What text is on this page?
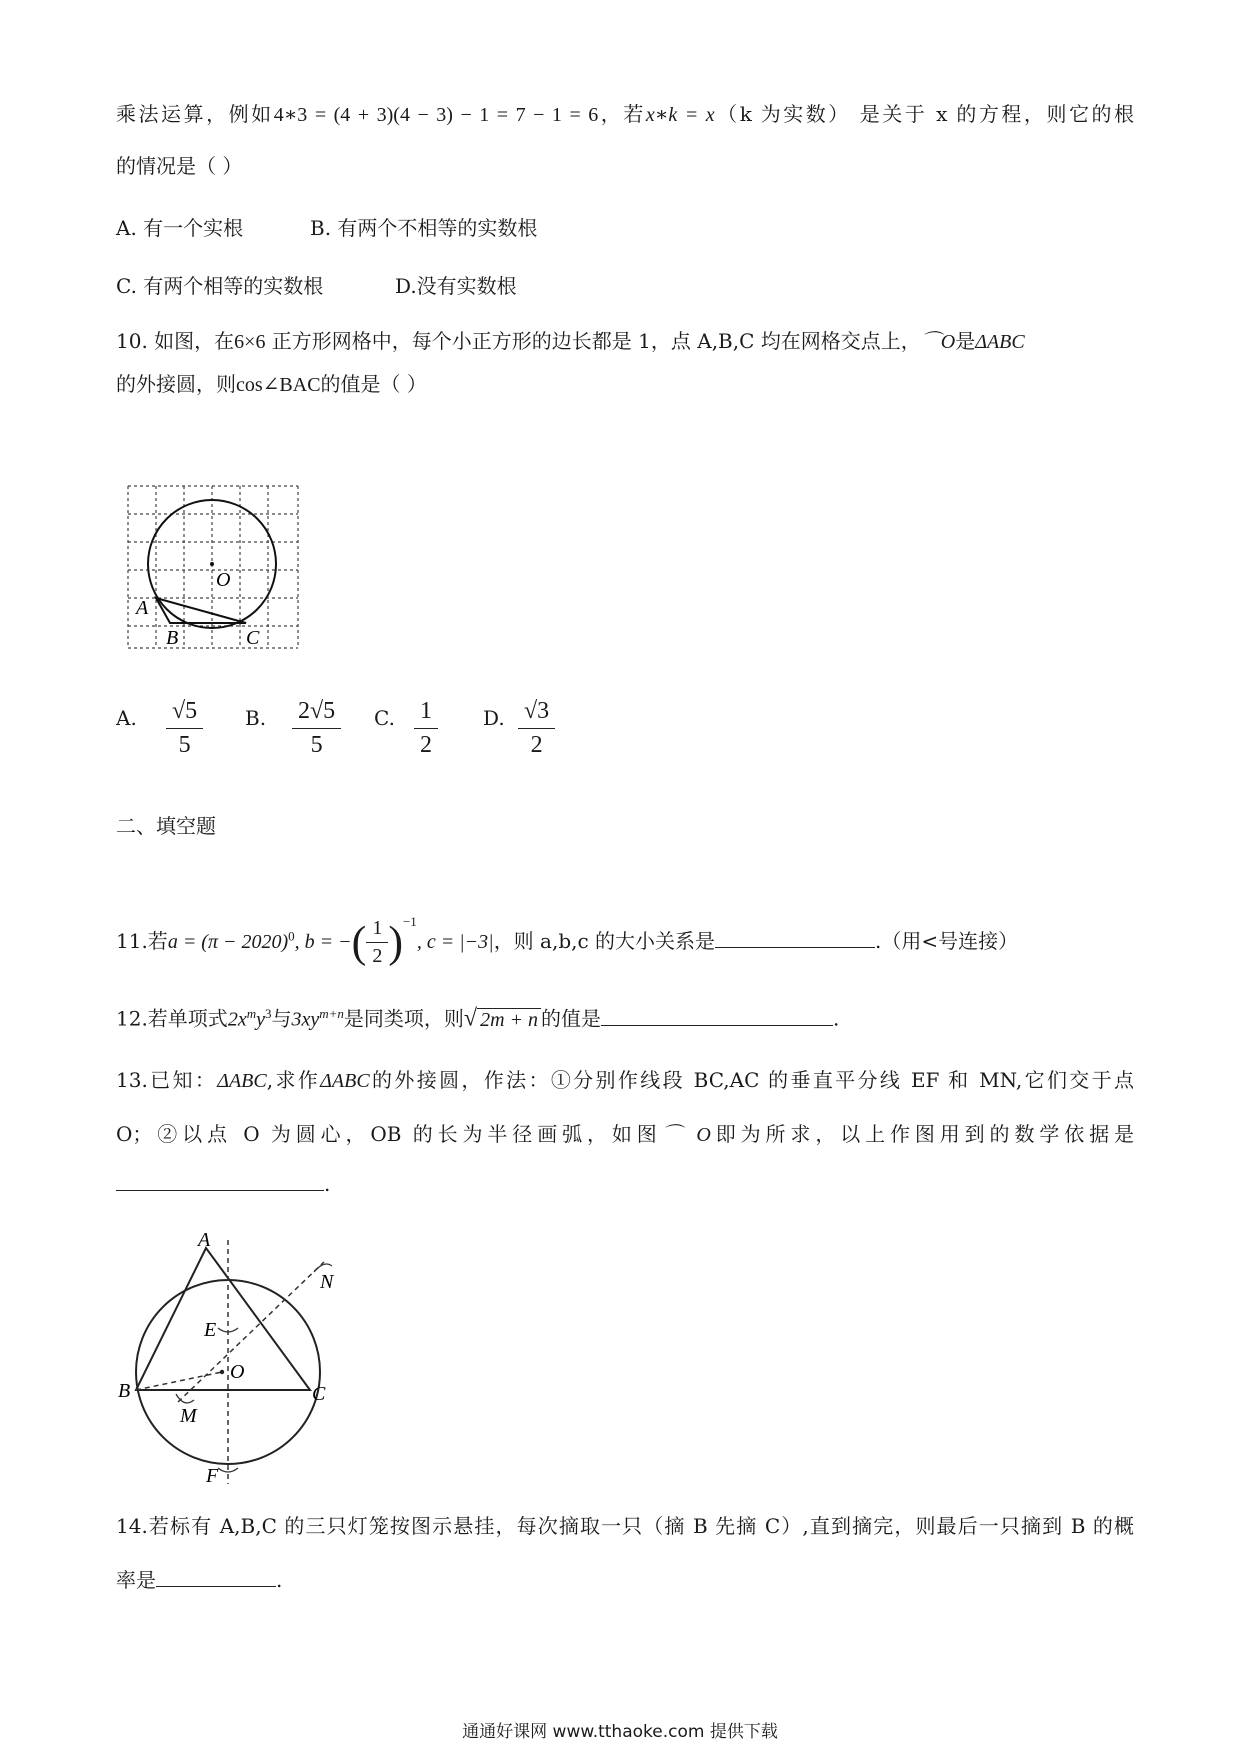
乘法运算，例如4∗3 = (4 + 3)(4 − 3) − 1 = 7 − 1 = 6，若x∗k = x（k 为实数） 是关于 x 的方程，则它的根
的情况是（ ）
A. 有一个实根	B. 有两个不相等的实数根
C. 有两个相等的实数根	D.没有实数根
10. 如图，在6×6 正方形网格中，每个小正方形的边长都是 1，点 A,B,C 均在网格交点上，⌒O是ΔABC
的外接圆，则cos∠BAC的值是（ ）
O
A
B	C
A. $\frac{√5}{5} B$. $\frac{2√5}{5} C$. $\frac{1}{2} D$. $\frac{√3}{2}$
二、填空题
11.若$a = (\pi - 2020)^0$, b = −( $\frac{1}{2} )^{-1}$, c = |−3|，则 a,b,c 的大小关系是	.（用<号连接）
12.若单项式$2x^my^3$与$3xy^{m+n}$是同类项，则√ 2m + n 的值是	.
13.已知：ΔABC,求作ΔABC的外接圆，作法：①分别作线段 BC,AC 的垂直平分线 EF 和 MN,它们交于点
O；②以点 O 为圆心，OB 的长为半径画弧，如图⌒ O即为所求，以上作图用到的数学依据是
.
A
B	C
O
E
F
M
N
14.若标有 A,B,C 的三只灯笼按图示悬挂，每次摘取一只（摘 B 先摘 C）,直到摘完，则最后一只摘到 B 的概
率是	.
通通好课网 www.tthaoke.com 提供下载
